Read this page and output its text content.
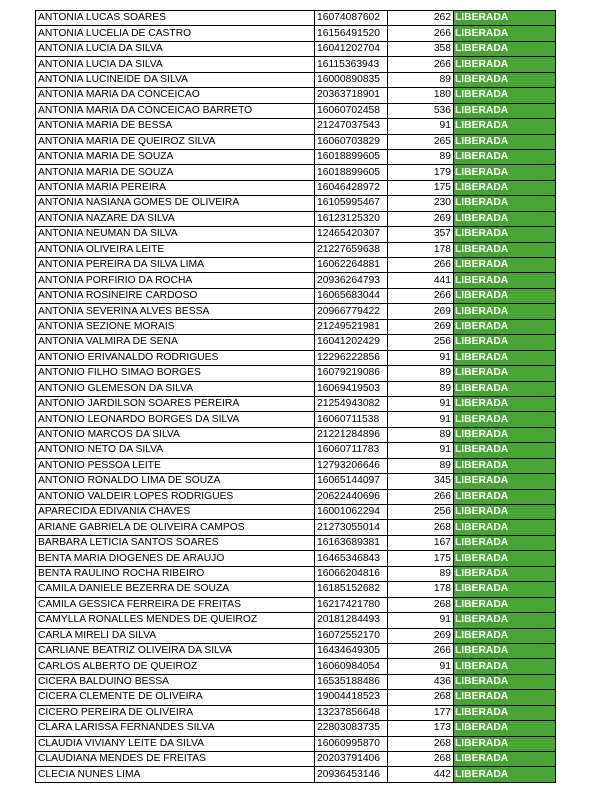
ANTONIA LUCAS SOARES	16074087602	262	LIBERADA
ANTONIA LUCELIA DE CASTRO	16156491520	266	LIBERADA
ANTONIA LUCIA DA SILVA	16041202704	358	LIBERADA
ANTONIA LUCIA DA SILVA	16115363943	266	LIBERADA
ANTONIA LUCINEIDE DA SILVA	16000890835	89	LIBERADA
ANTONIA MARIA DA CONCEICAO	20363718901	180	LIBERADA
ANTONIA MARIA DA CONCEICAO BARRETO	16060702458	536	LIBERADA
ANTONIA MARIA DE BESSA	21247037543	91	LIBERADA
ANTONIA MARIA DE QUEIROZ SILVA	16060703829	265	LIBERADA
ANTONIA MARIA DE SOUZA	16018899605	89	LIBERADA
ANTONIA MARIA DE SOUZA	16018899605	179	LIBERADA
ANTONIA MARIA PEREIRA	16046428972	175	LIBERADA
ANTONIA NASIANA GOMES DE OLIVEIRA	16105995467	230	LIBERADA
ANTONIA NAZARE DA SILVA	16123125320	269	LIBERADA
ANTONIA NEUMAN DA SILVA	12465420307	357	LIBERADA
ANTONIA OLIVEIRA LEITE	21227659638	178	LIBERADA
ANTONIA PEREIRA DA SILVA LIMA	16062264881	266	LIBERADA
ANTONIA PORFIRIO DA ROCHA	20936264793	441	LIBERADA
ANTONIA ROSINEIRE CARDOSO	16065683044	266	LIBERADA
ANTONIA SEVERINA ALVES BESSA	20966779422	269	LIBERADA
ANTONIA SEZIONE MORAIS	21249521981	269	LIBERADA
ANTONIA VALMIRA DE SENA	16041202429	256	LIBERADA
ANTONIO ERIVANALDO RODRIGUES	12296222856	91	LIBERADA
ANTONIO FILHO SIMAO BORGES	16079219086	89	LIBERADA
ANTONIO GLEMESON DA SILVA	16069419503	89	LIBERADA
ANTONIO JARDILSON SOARES PEREIRA	21254943082	91	LIBERADA
ANTONIO LEONARDO BORGES DA SILVA	16060711538	91	LIBERADA
ANTONIO MARCOS DA SILVA	21221284896	89	LIBERADA
ANTONIO NETO DA SILVA	16060711783	91	LIBERADA
ANTONIO PESSOA LEITE	12793206646	89	LIBERADA
ANTONIO RONALDO LIMA DE SOUZA	16065144097	345	LIBERADA
ANTONIO VALDEIR LOPES RODRIGUES	20622440696	266	LIBERADA
APARECIDA EDIVANIA CHAVES	16001062294	256	LIBERADA
ARIANE GABRIELA DE OLIVEIRA CAMPOS	21273055014	268	LIBERADA
BARBARA LETICIA SANTOS SOARES	16163689381	167	LIBERADA
BENTA MARIA DIOGENES DE ARAUJO	16465346843	175	LIBERADA
BENTA RAULINO ROCHA RIBEIRO	16066204816	89	LIBERADA
CAMILA DANIELE BEZERRA DE SOUZA	16185152682	178	LIBERADA
CAMILA GESSICA FERREIRA DE FREITAS	16217421780	268	LIBERADA
CAMYLLA RONALLES MENDES DE QUEIROZ	20181284493	91	LIBERADA
CARLA MIRELI DA SILVA	16072552170	269	LIBERADA
CARLIANE BEATRIZ OLIVEIRA DA SILVA	16434649305	266	LIBERADA
CARLOS ALBERTO DE QUEIROZ	16060984054	91	LIBERADA
CICERA BALDUINO BESSA	16535188486	436	LIBERADA
CICERA CLEMENTE DE OLIVEIRA	19004418523	268	LIBERADA
CICERO PEREIRA DE OLIVEIRA	13237856648	177	LIBERADA
CLARA LARISSA FERNANDES SILVA	22803083735	173	LIBERADA
CLAUDIA VIVIANY LEITE DA SILVA	16060995870	268	LIBERADA
CLAUDIANA MENDES DE FREITAS	20203791406	268	LIBERADA
CLECIA NUNES LIMA	20936453146	442	LIBERADA
